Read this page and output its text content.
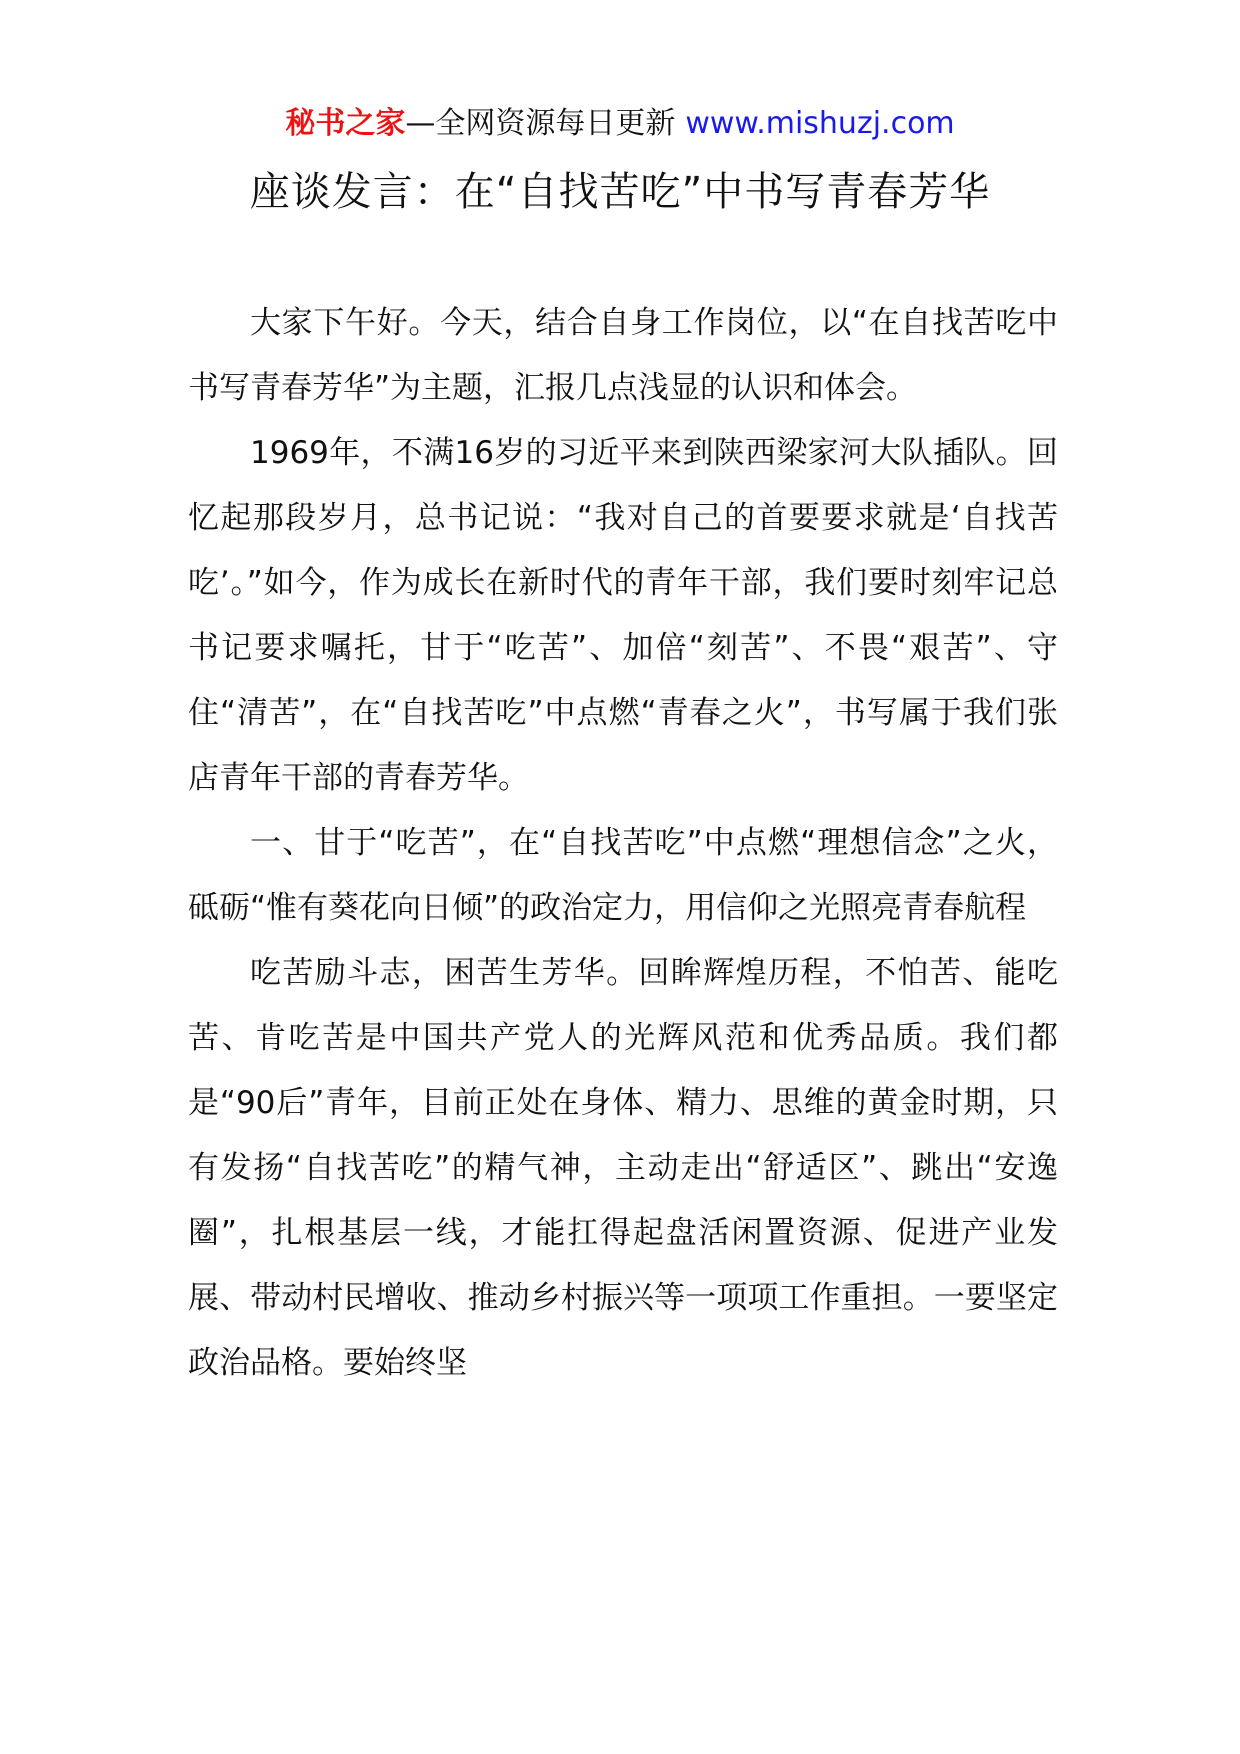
秘书之家—全网资源每日更新 www.mishuzj.com
座谈发言：在“自找苦吃”中书写青春芳华

大家下午好。今天，结合自身工作岗位，以“在自找苦吃中书写青春芳华”为主题，汇报几点浅显的认识和体会。

1969年，不满16岁的习近平来到陕西梁家河大队插队。回忆起那段岁月，总书记说：“我对自己的首要要求就是‘自找苦吃’。”如今，作为成长在新时代的青年干部，我们要时刻牢记总书记要求嘱托，甘于“吃苦”、加倍“刻苦”、不畏“艰苦”、守住“清苦”，在“自找苦吃”中点燃“青春之火”，书写属于我们张店青年干部的青春芳华。

一、甘于“吃苦”，在“自找苦吃”中点燃“理想信念”之火，砥砺“惟有葵花向日倾”的政治定力，用信仰之光照亮青春航程

吃苦励斗志，困苦生芳华。回眸辉煌历程，不怕苦、能吃苦、肯吃苦是中国共产党人的光辉风范和优秀品质。我们都是“90后”青年，目前正处在身体、精力、思维的黄金时期，只有发扬“自找苦吃”的精气神，主动走出“舒适区”、跳出“安逸圈”，扎根基层一线，才能扛得起盘活闲置资源、促进产业发展、带动村民增收、推动乡村振兴等一项项工作重担。一要坚定政治品格。要始终坚
